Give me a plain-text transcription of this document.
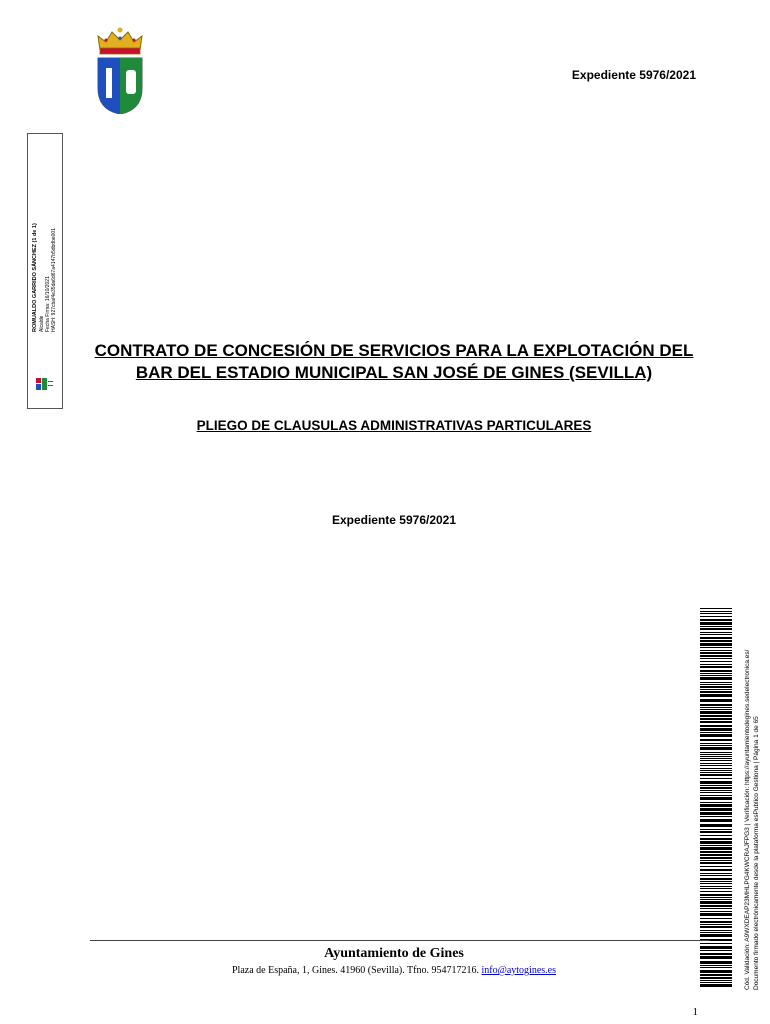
Expediente 5976/2021
ROMUALDO GARRIDO SÁNCHEZ (1 de 1) Alcalde Fecha Firma: 16/10/2021 HASH: 927cbaf4e35da6d67a4147b5dbdbe001
CONTRATO DE CONCESIÓN DE SERVICIOS PARA LA EXPLOTACIÓN DEL
BAR DEL ESTADIO MUNICIPAL SAN JOSÉ DE GINES (SEVILLA)
PLIEGO DE CLAUSULAS ADMINISTRATIVAS PARTICULARES
Expediente 5976/2021
Cód. Validación: A9WXDEAP23MHLPG4KWCRAJFPG3 | Verificación: https://ayuntamientodegines.sedelectronica.es/ Documento firmado electrónicamente desde la plataforma esPublico Gestiona | Página 1 de 65
Ayuntamiento de Gines
Plaza de España, 1, Gines. 41960 (Sevilla). Tfno. 954717216. info@aytogines.es
1
